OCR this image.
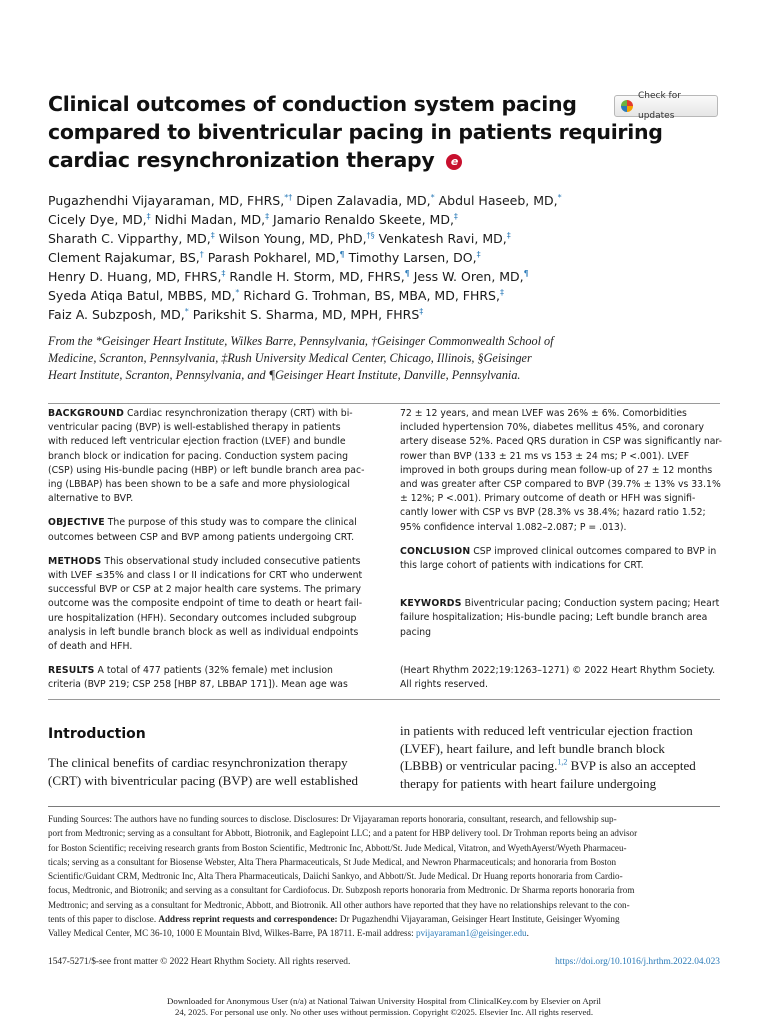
Clinical outcomes of conduction system pacing
compared to biventricular pacing in patients requiring
cardiac resynchronization therapy e
Check for updates
Pugazhendhi Vijayaraman, MD, FHRS,*† Dipen Zalavadia, MD,* Abdul Haseeb, MD,*
Cicely Dye, MD,‡ Nidhi Madan, MD,‡ Jamario Renaldo Skeete, MD,‡
Sharath C. Vipparthy, MD,‡ Wilson Young, MD, PhD,†§ Venkatesh Ravi, MD,‡
Clement Rajakumar, BS,† Parash Pokharel, MD,¶ Timothy Larsen, DO,‡
Henry D. Huang, MD, FHRS,‡ Randle H. Storm, MD, FHRS,¶ Jess W. Oren, MD,¶
Syeda Atiqa Batul, MBBS, MD,* Richard G. Trohman, BS, MBA, MD, FHRS,‡
Faiz A. Subzposh, MD,* Parikshit S. Sharma, MD, MPH, FHRS‡
From the *Geisinger Heart Institute, Wilkes Barre, Pennsylvania, †Geisinger Commonwealth School of
Medicine, Scranton, Pennsylvania, ‡Rush University Medical Center, Chicago, Illinois, §Geisinger
Heart Institute, Scranton, Pennsylvania, and ¶Geisinger Heart Institute, Danville, Pennsylvania.
BACKGROUND Cardiac resynchronization therapy (CRT) with bi-
ventricular pacing (BVP) is well-established therapy in patients
with reduced left ventricular ejection fraction (LVEF) and bundle
branch block or indication for pacing. Conduction system pacing
(CSP) using His-bundle pacing (HBP) or left bundle branch area pac-
ing (LBBAP) has been shown to be a safe and more physiological
alternative to BVP.
OBJECTIVE The purpose of this study was to compare the clinical
outcomes between CSP and BVP among patients undergoing CRT.
METHODS This observational study included consecutive patients
with LVEF ≤35% and class I or II indications for CRT who underwent
successful BVP or CSP at 2 major health care systems. The primary
outcome was the composite endpoint of time to death or heart fail-
ure hospitalization (HFH). Secondary outcomes included subgroup
analysis in left bundle branch block as well as individual endpoints
of death and HFH.
RESULTS A total of 477 patients (32% female) met inclusion
criteria (BVP 219; CSP 258 [HBP 87, LBBAP 171]). Mean age was
72 ± 12 years, and mean LVEF was 26% ± 6%. Comorbidities
included hypertension 70%, diabetes mellitus 45%, and coronary
artery disease 52%. Paced QRS duration in CSP was significantly nar-
rower than BVP (133 ± 21 ms vs 153 ± 24 ms; P <.001). LVEF
improved in both groups during mean follow-up of 27 ± 12 months
and was greater after CSP compared to BVP (39.7% ± 13% vs 33.1%
± 12%; P <.001). Primary outcome of death or HFH was signifi-
cantly lower with CSP vs BVP (28.3% vs 38.4%; hazard ratio 1.52;
95% confidence interval 1.082–2.087; P = .013).
CONCLUSION CSP improved clinical outcomes compared to BVP in
this large cohort of patients with indications for CRT.
KEYWORDS Biventricular pacing; Conduction system pacing; Heart
failure hospitalization; His-bundle pacing; Left bundle branch area
pacing
(Heart Rhythm 2022;19:1263–1271) © 2022 Heart Rhythm Society.
All rights reserved.
Introduction
The clinical benefits of cardiac resynchronization therapy
(CRT) with biventricular pacing (BVP) are well established
in patients with reduced left ventricular ejection fraction
(LVEF), heart failure, and left bundle branch block
(LBBB) or ventricular pacing.$^{1,2}$ BVP is also an accepted
therapy for patients with heart failure undergoing
Funding Sources: The authors have no funding sources to disclose. Disclosures: Dr Vijayaraman reports honoraria, consultant, research, and fellowship sup-
port from Medtronic; serving as a consultant for Abbott, Biotronik, and Eaglepoint LLC; and a patent for HBP delivery tool. Dr Trohman reports being an advisor
for Boston Scientific; receiving research grants from Boston Scientific, Medtronic Inc, Abbott/St. Jude Medical, Vitatron, and WyethAyerst/Wyeth Pharmaceu-
ticals; serving as a consultant for Biosense Webster, Alta Thera Pharmaceuticals, St Jude Medical, and Newron Pharmaceuticals; and honoraria from Boston
Scientific/Guidant CRM, Medtronic Inc, Alta Thera Pharmaceuticals, Daiichi Sankyo, and Abbott/St. Jude Medical. Dr Huang reports honoraria from Cardio-
focus, Medtronic, and Biotronik; and serving as a consultant for Cardiofocus. Dr. Subzposh reports honoraria from Medtronic. Dr Sharma reports honoraria from
Medtronic; and serving as a consultant for Medtronic, Abbott, and Biotronik. All other authors have reported that they have no relationships relevant to the con-
tents of this paper to disclose. Address reprint requests and correspondence: Dr Pugazhendhi Vijayaraman, Geisinger Heart Institute, Geisinger Wyoming
Valley Medical Center, MC 36-10, 1000 E Mountain Blvd, Wilkes-Barre, PA 18711. E-mail address: pvijayaraman1@geisinger.edu.
1547-5271/$-see front matter © 2022 Heart Rhythm Society. All rights reserved.	https://doi.org/10.1016/j.hrthm.2022.04.023
Downloaded for Anonymous User (n/a) at National Taiwan University Hospital from ClinicalKey.com by Elsevier on April
24, 2025. For personal use only. No other uses without permission. Copyright ©2025. Elsevier Inc. All rights reserved.
